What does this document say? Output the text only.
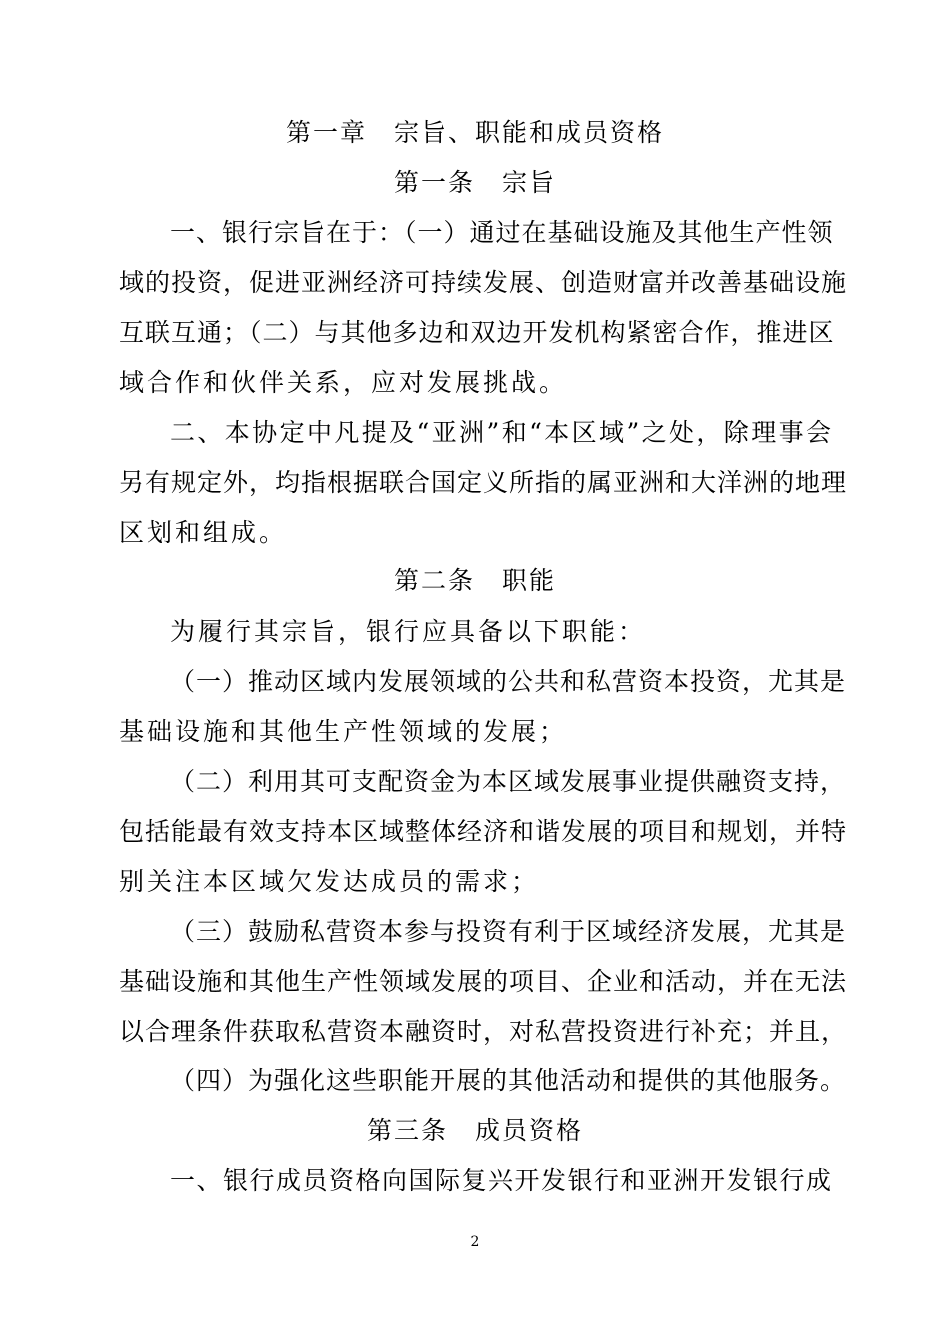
第一章　宗旨、职能和成员资格
第一条　宗旨
一、银行宗旨在于：（一）通过在基础设施及其他生产性领
域的投资，促进亚洲经济可持续发展、创造财富并改善基础设施
互联互通；（二）与其他多边和双边开发机构紧密合作，推进区
域合作和伙伴关系，应对发展挑战。
二、本协定中凡提及“亚洲”和“本区域”之处，除理事会
另有规定外，均指根据联合国定义所指的属亚洲和大洋洲的地理
区划和组成。
第二条　职能
为履行其宗旨，银行应具备以下职能：
（一）推动区域内发展领域的公共和私营资本投资，尤其是
基础设施和其他生产性领域的发展；
（二）利用其可支配资金为本区域发展事业提供融资支持，
包括能最有效支持本区域整体经济和谐发展的项目和规划，并特
别关注本区域欠发达成员的需求；
（三）鼓励私营资本参与投资有利于区域经济发展，尤其是
基础设施和其他生产性领域发展的项目、企业和活动，并在无法
以合理条件获取私营资本融资时，对私营投资进行补充；并且，
（四）为强化这些职能开展的其他活动和提供的其他服务。
第三条　成员资格
一、银行成员资格向国际复兴开发银行和亚洲开发银行成
2
